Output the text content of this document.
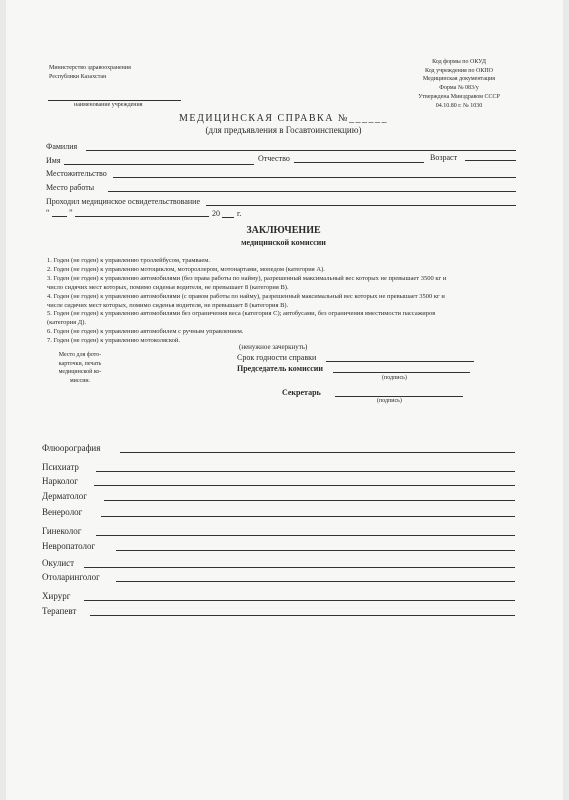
Министерство здравоохранения
Республики Казахстан
наименование учреждения
Код формы по ОКУД
Код учреждения по ОКПО
Медицинская документация
Форма № 083/у
Утверждена Минздравом СССР
04.10.80 г. № 1030
МЕДИЦИНСКАЯ СПРАВКА №______
(для предъявления в Госавтоинспекцию)
Фамилия
Имя	Отчество	Возраст
Местожительство
Место работы
Проходил медицинское освидетельствование
“ ”	20 г.
ЗАКЛЮЧЕНИЕ
медицинской комиссии
1. Годен (не годен) к управлению троллейбусом, трамваем.
2. Годен (не годен) к управлению мотоциклом, мотороллером, мотонартами, мопедом (категория А).
3. Годен (не годен) к управлению автомобилями (без права работы по найму), разрешенный максимальный вес которых не превышает 3500 кг и
число сидячих мест которых, помимо сиденья водителя, не превышает 8 (категория В).
4. Годен (не годен) к управлению автомобилями (с правом работы по найму), разрешенный максимальный вес которых не превышает 3500 кг и
числе сидячих мест которых, помимо сиденья водителя, не превышает 8 (категория В).
5. Годен (не годен) к управлению автомобилями без ограничения веса (категория С); автобусами, без ограничения вместимости пассажиров
(категория Д).
6. Годен (не годен) к управлению автомобилем с ручным управлением.
7. Годен (не годен) к управлению мотоколяской.
Место для фото-
карточки, печать
медицинской ко-
миссии.
(ненужное зачеркнуть)
Срок годности справки
Председатель комиссии
(подпись)
Секретарь
(подпись)
Флюорография
Психиатр
Нарколог
Дерматолог
Венеролог
Гинеколог
Невропатолог
Окулист
Отоларинголог
Хирург
Терапевт
